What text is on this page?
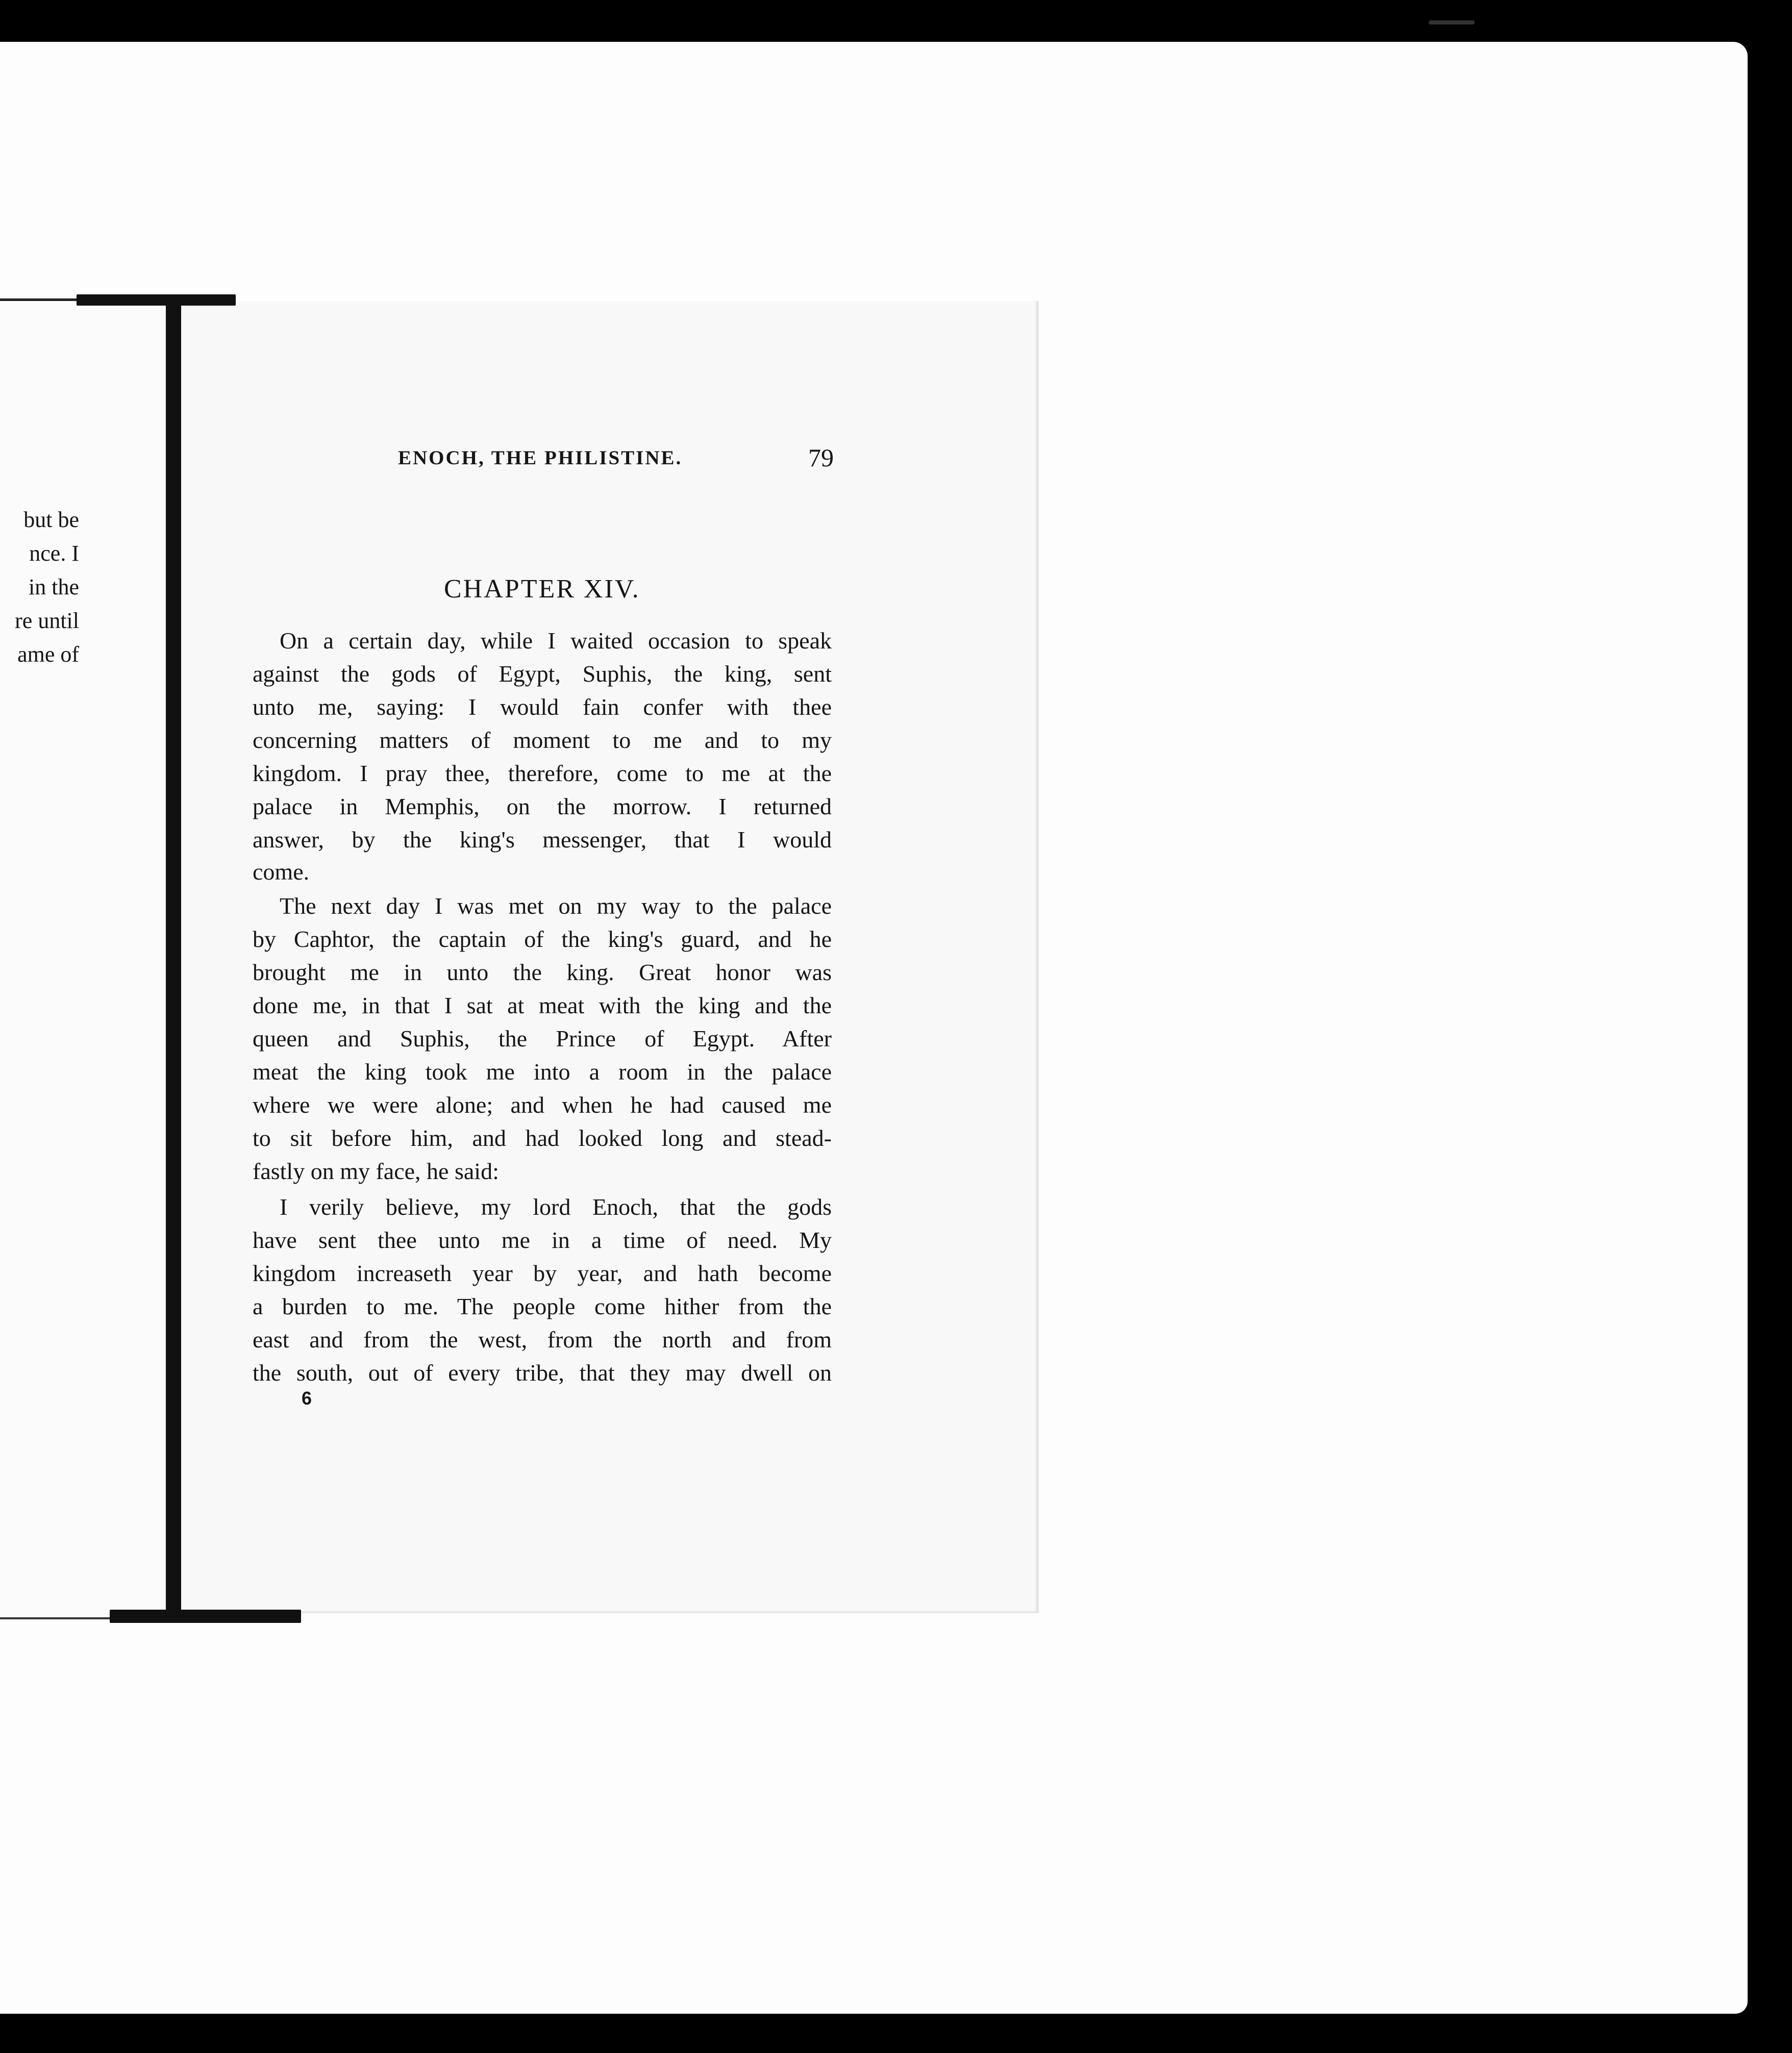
but be
nce. I
in the
re until
ame of
ENOCH, THE PHILISTINE.	79
CHAPTER XIV.
On a certain day, while I waited occasion to speak
against the gods of Egypt, Suphis, the king, sent
unto me, saying: I would fain confer with thee
concerning matters of moment to me and to my
kingdom. I pray thee, therefore, come to me at the
palace in Memphis, on the morrow. I returned
answer, by the king's messenger, that I would
come.
The next day I was met on my way to the palace
by Caphtor, the captain of the king's guard, and he
brought me in unto the king. Great honor was
done me, in that I sat at meat with the king and the
queen and Suphis, the Prince of Egypt. After
meat the king took me into a room in the palace
where we were alone; and when he had caused me
to sit before him, and had looked long and stead-
fastly on my face, he said:
I verily believe, my lord Enoch, that the gods
have sent thee unto me in a time of need. My
kingdom increaseth year by year, and hath become
a burden to me. The people come hither from the
east and from the west, from the north and from
the south, out of every tribe, that they may dwell on
6
